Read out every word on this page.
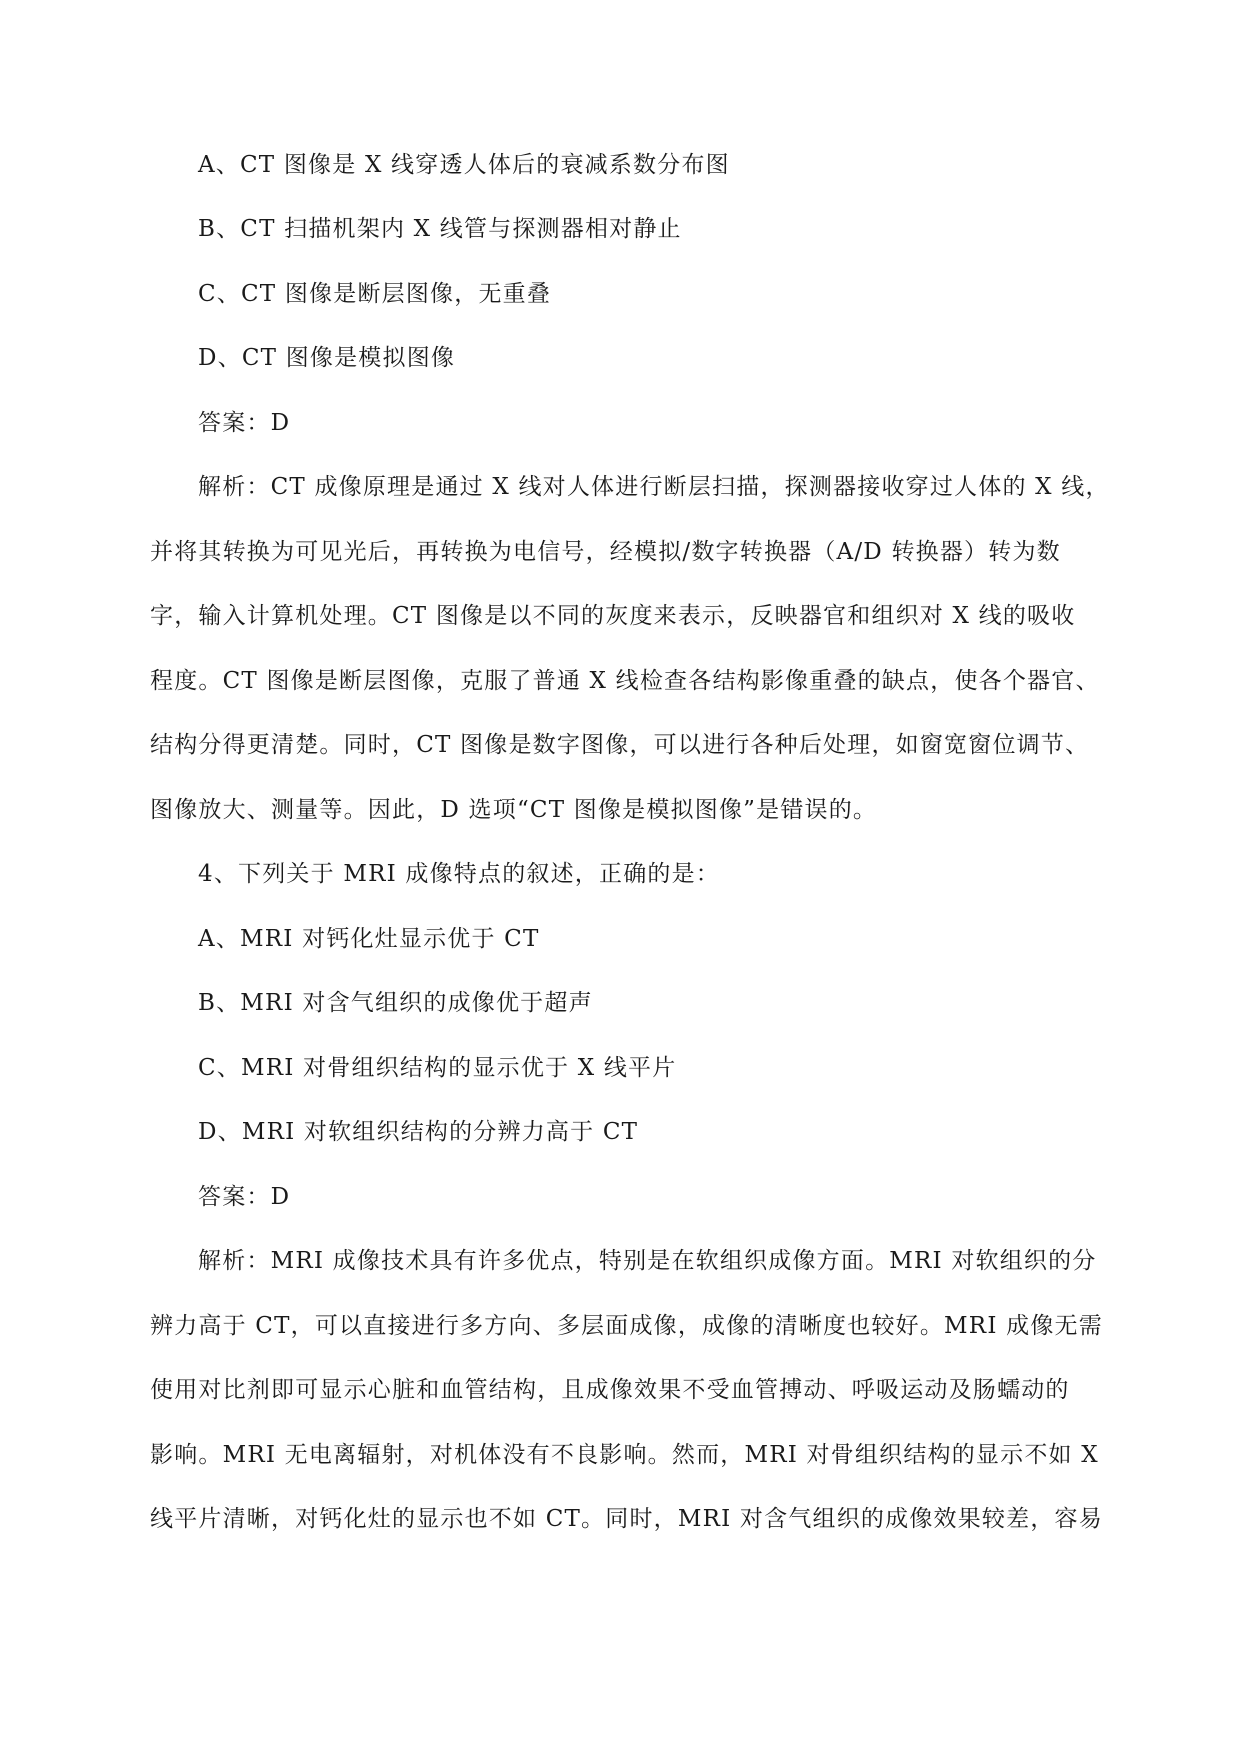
A、CT 图像是 X 线穿透人体后的衰减系数分布图
B、CT 扫描机架内 X 线管与探测器相对静止
C、CT 图像是断层图像，无重叠
D、CT 图像是模拟图像
答案：D
解析：CT 成像原理是通过 X 线对人体进行断层扫描，探测器接收穿过人体的 X 线，
并将其转换为可见光后，再转换为电信号，经模拟/数字转换器（A/D 转换器）转为数
字，输入计算机处理。CT 图像是以不同的灰度来表示，反映器官和组织对 X 线的吸收
程度。CT 图像是断层图像，克服了普通 X 线检查各结构影像重叠的缺点，使各个器官、
结构分得更清楚。同时，CT 图像是数字图像，可以进行各种后处理，如窗宽窗位调节、
图像放大、测量等。因此，D 选项“CT 图像是模拟图像”是错误的。
4、下列关于 MRI 成像特点的叙述，正确的是：
A、MRI 对钙化灶显示优于 CT
B、MRI 对含气组织的成像优于超声
C、MRI 对骨组织结构的显示优于 X 线平片
D、MRI 对软组织结构的分辨力高于 CT
答案：D
解析：MRI 成像技术具有许多优点，特别是在软组织成像方面。MRI 对软组织的分
辨力高于 CT，可以直接进行多方向、多层面成像，成像的清晰度也较好。MRI 成像无需
使用对比剂即可显示心脏和血管结构，且成像效果不受血管搏动、呼吸运动及肠蠕动的
影响。MRI 无电离辐射，对机体没有不良影响。然而，MRI 对骨组织结构的显示不如 X
线平片清晰，对钙化灶的显示也不如 CT。同时，MRI 对含气组织的成像效果较差，容易
